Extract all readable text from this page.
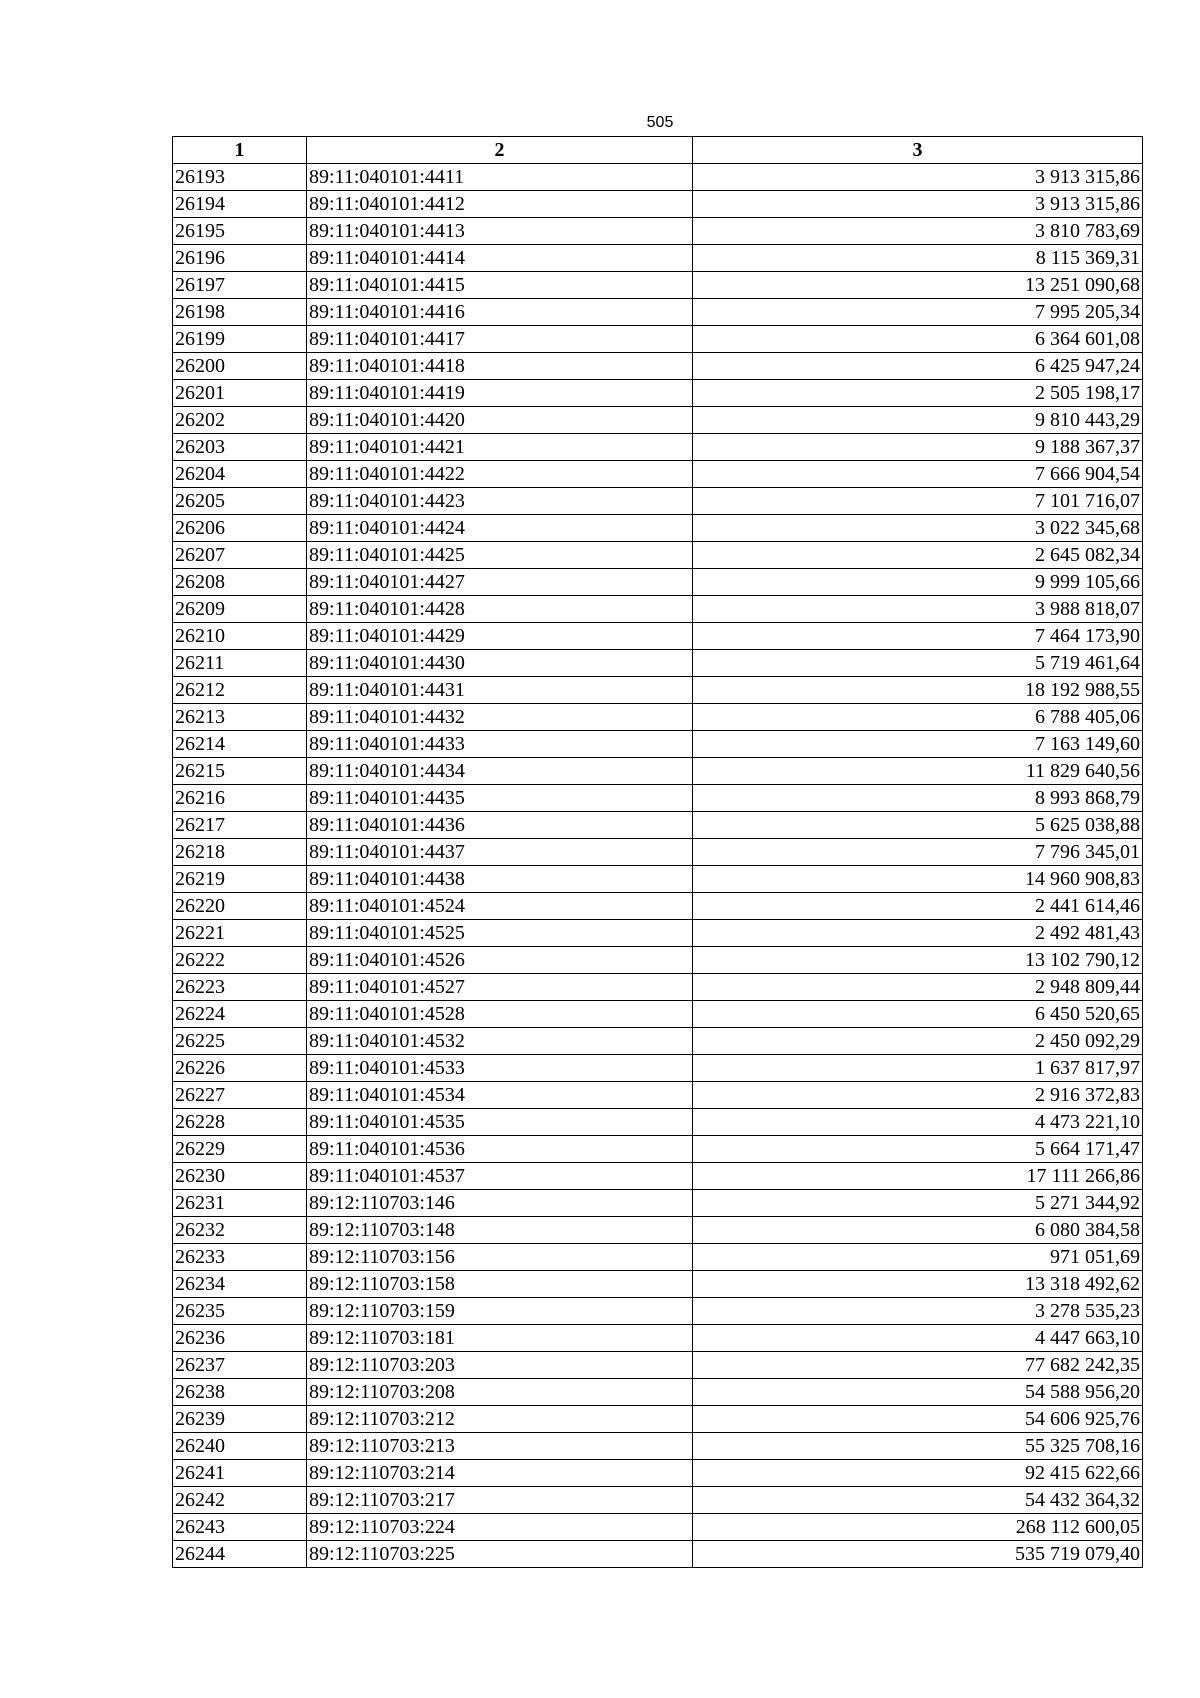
505
1	2	3
26193	89:11:040101:4411	3 913 315,86
26194	89:11:040101:4412	3 913 315,86
26195	89:11:040101:4413	3 810 783,69
26196	89:11:040101:4414	8 115 369,31
26197	89:11:040101:4415	13 251 090,68
26198	89:11:040101:4416	7 995 205,34
26199	89:11:040101:4417	6 364 601,08
26200	89:11:040101:4418	6 425 947,24
26201	89:11:040101:4419	2 505 198,17
26202	89:11:040101:4420	9 810 443,29
26203	89:11:040101:4421	9 188 367,37
26204	89:11:040101:4422	7 666 904,54
26205	89:11:040101:4423	7 101 716,07
26206	89:11:040101:4424	3 022 345,68
26207	89:11:040101:4425	2 645 082,34
26208	89:11:040101:4427	9 999 105,66
26209	89:11:040101:4428	3 988 818,07
26210	89:11:040101:4429	7 464 173,90
26211	89:11:040101:4430	5 719 461,64
26212	89:11:040101:4431	18 192 988,55
26213	89:11:040101:4432	6 788 405,06
26214	89:11:040101:4433	7 163 149,60
26215	89:11:040101:4434	11 829 640,56
26216	89:11:040101:4435	8 993 868,79
26217	89:11:040101:4436	5 625 038,88
26218	89:11:040101:4437	7 796 345,01
26219	89:11:040101:4438	14 960 908,83
26220	89:11:040101:4524	2 441 614,46
26221	89:11:040101:4525	2 492 481,43
26222	89:11:040101:4526	13 102 790,12
26223	89:11:040101:4527	2 948 809,44
26224	89:11:040101:4528	6 450 520,65
26225	89:11:040101:4532	2 450 092,29
26226	89:11:040101:4533	1 637 817,97
26227	89:11:040101:4534	2 916 372,83
26228	89:11:040101:4535	4 473 221,10
26229	89:11:040101:4536	5 664 171,47
26230	89:11:040101:4537	17 111 266,86
26231	89:12:110703:146	5 271 344,92
26232	89:12:110703:148	6 080 384,58
26233	89:12:110703:156	971 051,69
26234	89:12:110703:158	13 318 492,62
26235	89:12:110703:159	3 278 535,23
26236	89:12:110703:181	4 447 663,10
26237	89:12:110703:203	77 682 242,35
26238	89:12:110703:208	54 588 956,20
26239	89:12:110703:212	54 606 925,76
26240	89:12:110703:213	55 325 708,16
26241	89:12:110703:214	92 415 622,66
26242	89:12:110703:217	54 432 364,32
26243	89:12:110703:224	268 112 600,05
26244	89:12:110703:225	535 719 079,40
